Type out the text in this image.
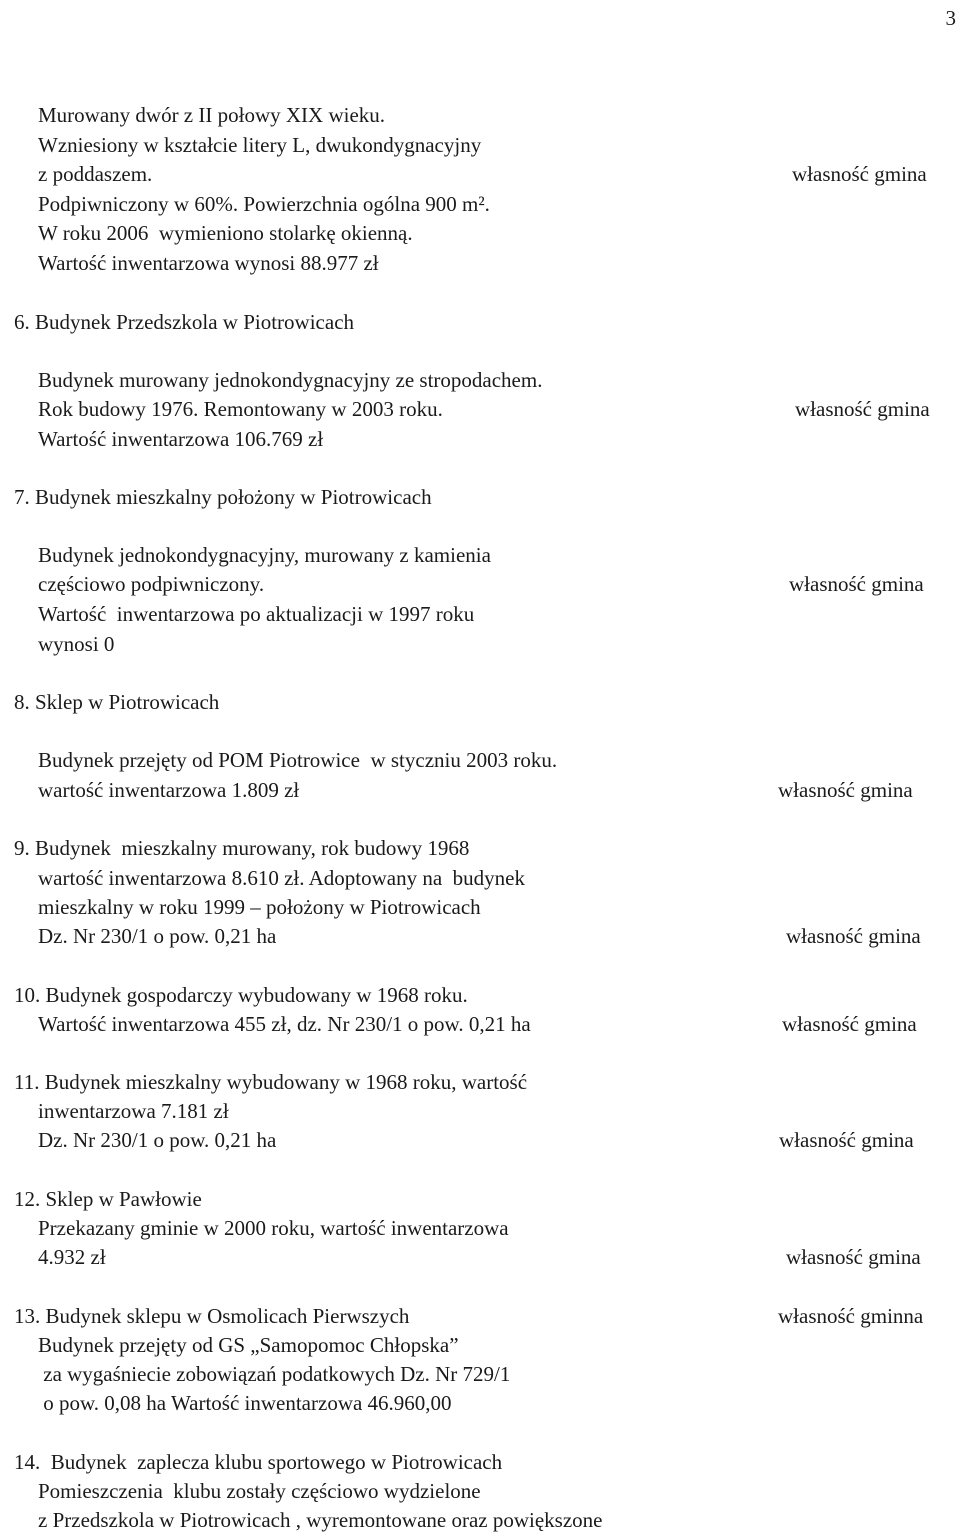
3
Murowany dwór z II połowy XIX wieku.
Wzniesiony w kształcie litery L, dwukondygnacyjny
z poddaszem.	własność gmina
Podpiwniczony w 60%. Powierzchnia ogólna 900 m².
W roku 2006  wymieniono stolarkę okienną.
Wartość inwentarzowa wynosi 88.977 zł
6. Budynek Przedszkola w Piotrowicach
Budynek murowany jednokondygnacyjny ze stropodachem.
Rok budowy 1976. Remontowany w 2003 roku.	własność gmina
Wartość inwentarzowa 106.769 zł
7. Budynek mieszkalny położony w Piotrowicach
Budynek jednokondygnacyjny, murowany z kamienia
częściowo podpiwniczony.	własność gmina
Wartość  inwentarzowa po aktualizacji w 1997 roku
wynosi 0
8. Sklep w Piotrowicach
Budynek przejęty od POM Piotrowice  w styczniu 2003 roku.
wartość inwentarzowa 1.809 zł	własność gmina
9. Budynek  mieszkalny murowany, rok budowy 1968
wartość inwentarzowa 8.610 zł. Adoptowany na  budynek
mieszkalny w roku 1999 – położony w Piotrowicach
Dz. Nr 230/1 o pow. 0,21 ha	własność gmina
10. Budynek gospodarczy wybudowany w 1968 roku.
Wartość inwentarzowa 455 zł, dz. Nr 230/1 o pow. 0,21 ha	własność gmina
11. Budynek mieszkalny wybudowany w 1968 roku, wartość
inwentarzowa 7.181 zł
Dz. Nr 230/1 o pow. 0,21 ha	własność gmina
12. Sklep w Pawłowie
Przekazany gminie w 2000 roku, wartość inwentarzowa
4.932 zł	własność gmina
13. Budynek sklepu w Osmolicach Pierwszych	własność gminna
Budynek przejęty od GS „Samopomoc Chłopska”
za wygaśniecie zobowiązań podatkowych Dz. Nr 729/1
o pow. 0,08 ha Wartość inwentarzowa 46.960,00
14.  Budynek  zaplecza klubu sportowego w Piotrowicach
Pomieszczenia  klubu zostały częściowo wydzielone
z Przedszkola w Piotrowicach , wyremontowane oraz powiększone
